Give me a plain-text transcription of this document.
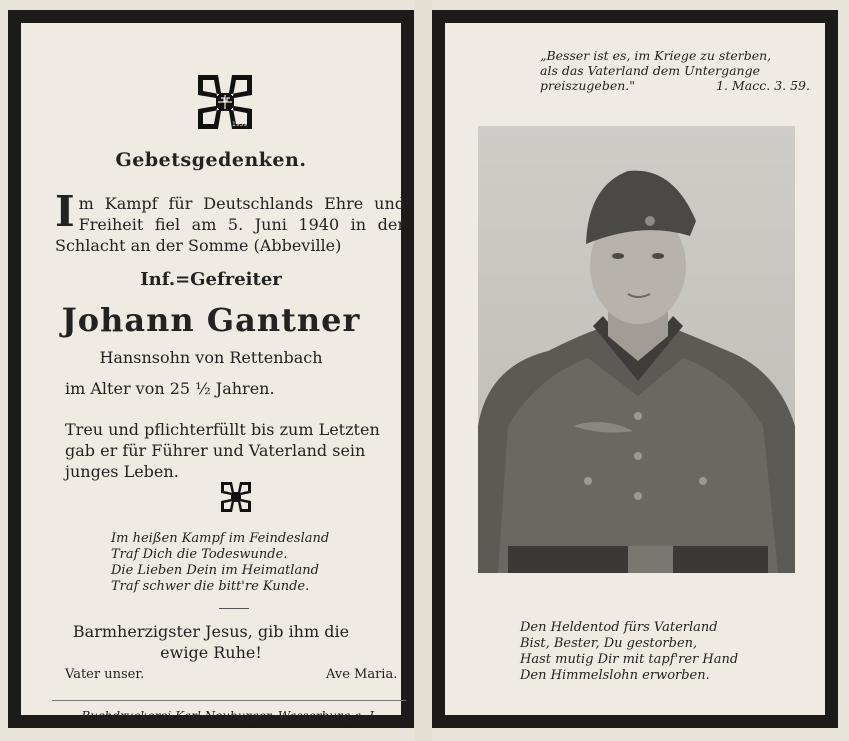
1939
Gebetsgedenken.
Im Kampf für Deutschlands Ehre und Freiheit fiel am 5. Juni 1940 in der Schlacht an der Somme (Abbeville)
Inf.=Gefreiter
Johann Gantner
Hansnsohn von Rettenbach
im Alter von 25 ½ Jahren.
Treu und pflichterfüllt bis zum Letzten gab er für Führer und Vaterland sein junges Leben.
Im heißen Kampf im Feindesland
Traf Dich die Todeswunde.
Die Lieben Dein im Heimatland
Traf schwer die bitt're Kunde.
Barmherzigster Jesus, gib ihm die
ewige Ruhe!
Vater unser.	Ave Maria.
Buchdruckerei Karl Neuburger, Wasserburg a. J.
„Besser ist es, im Kriege zu sterben,
als das Vaterland dem Untergange
preiszugeben."	1. Macc. 3. 59.
Den Heldentod fürs Vaterland
Bist, Bester, Du gestorben,
Hast mutig Dir mit tapf'rer Hand
Den Himmelslohn erworben.
